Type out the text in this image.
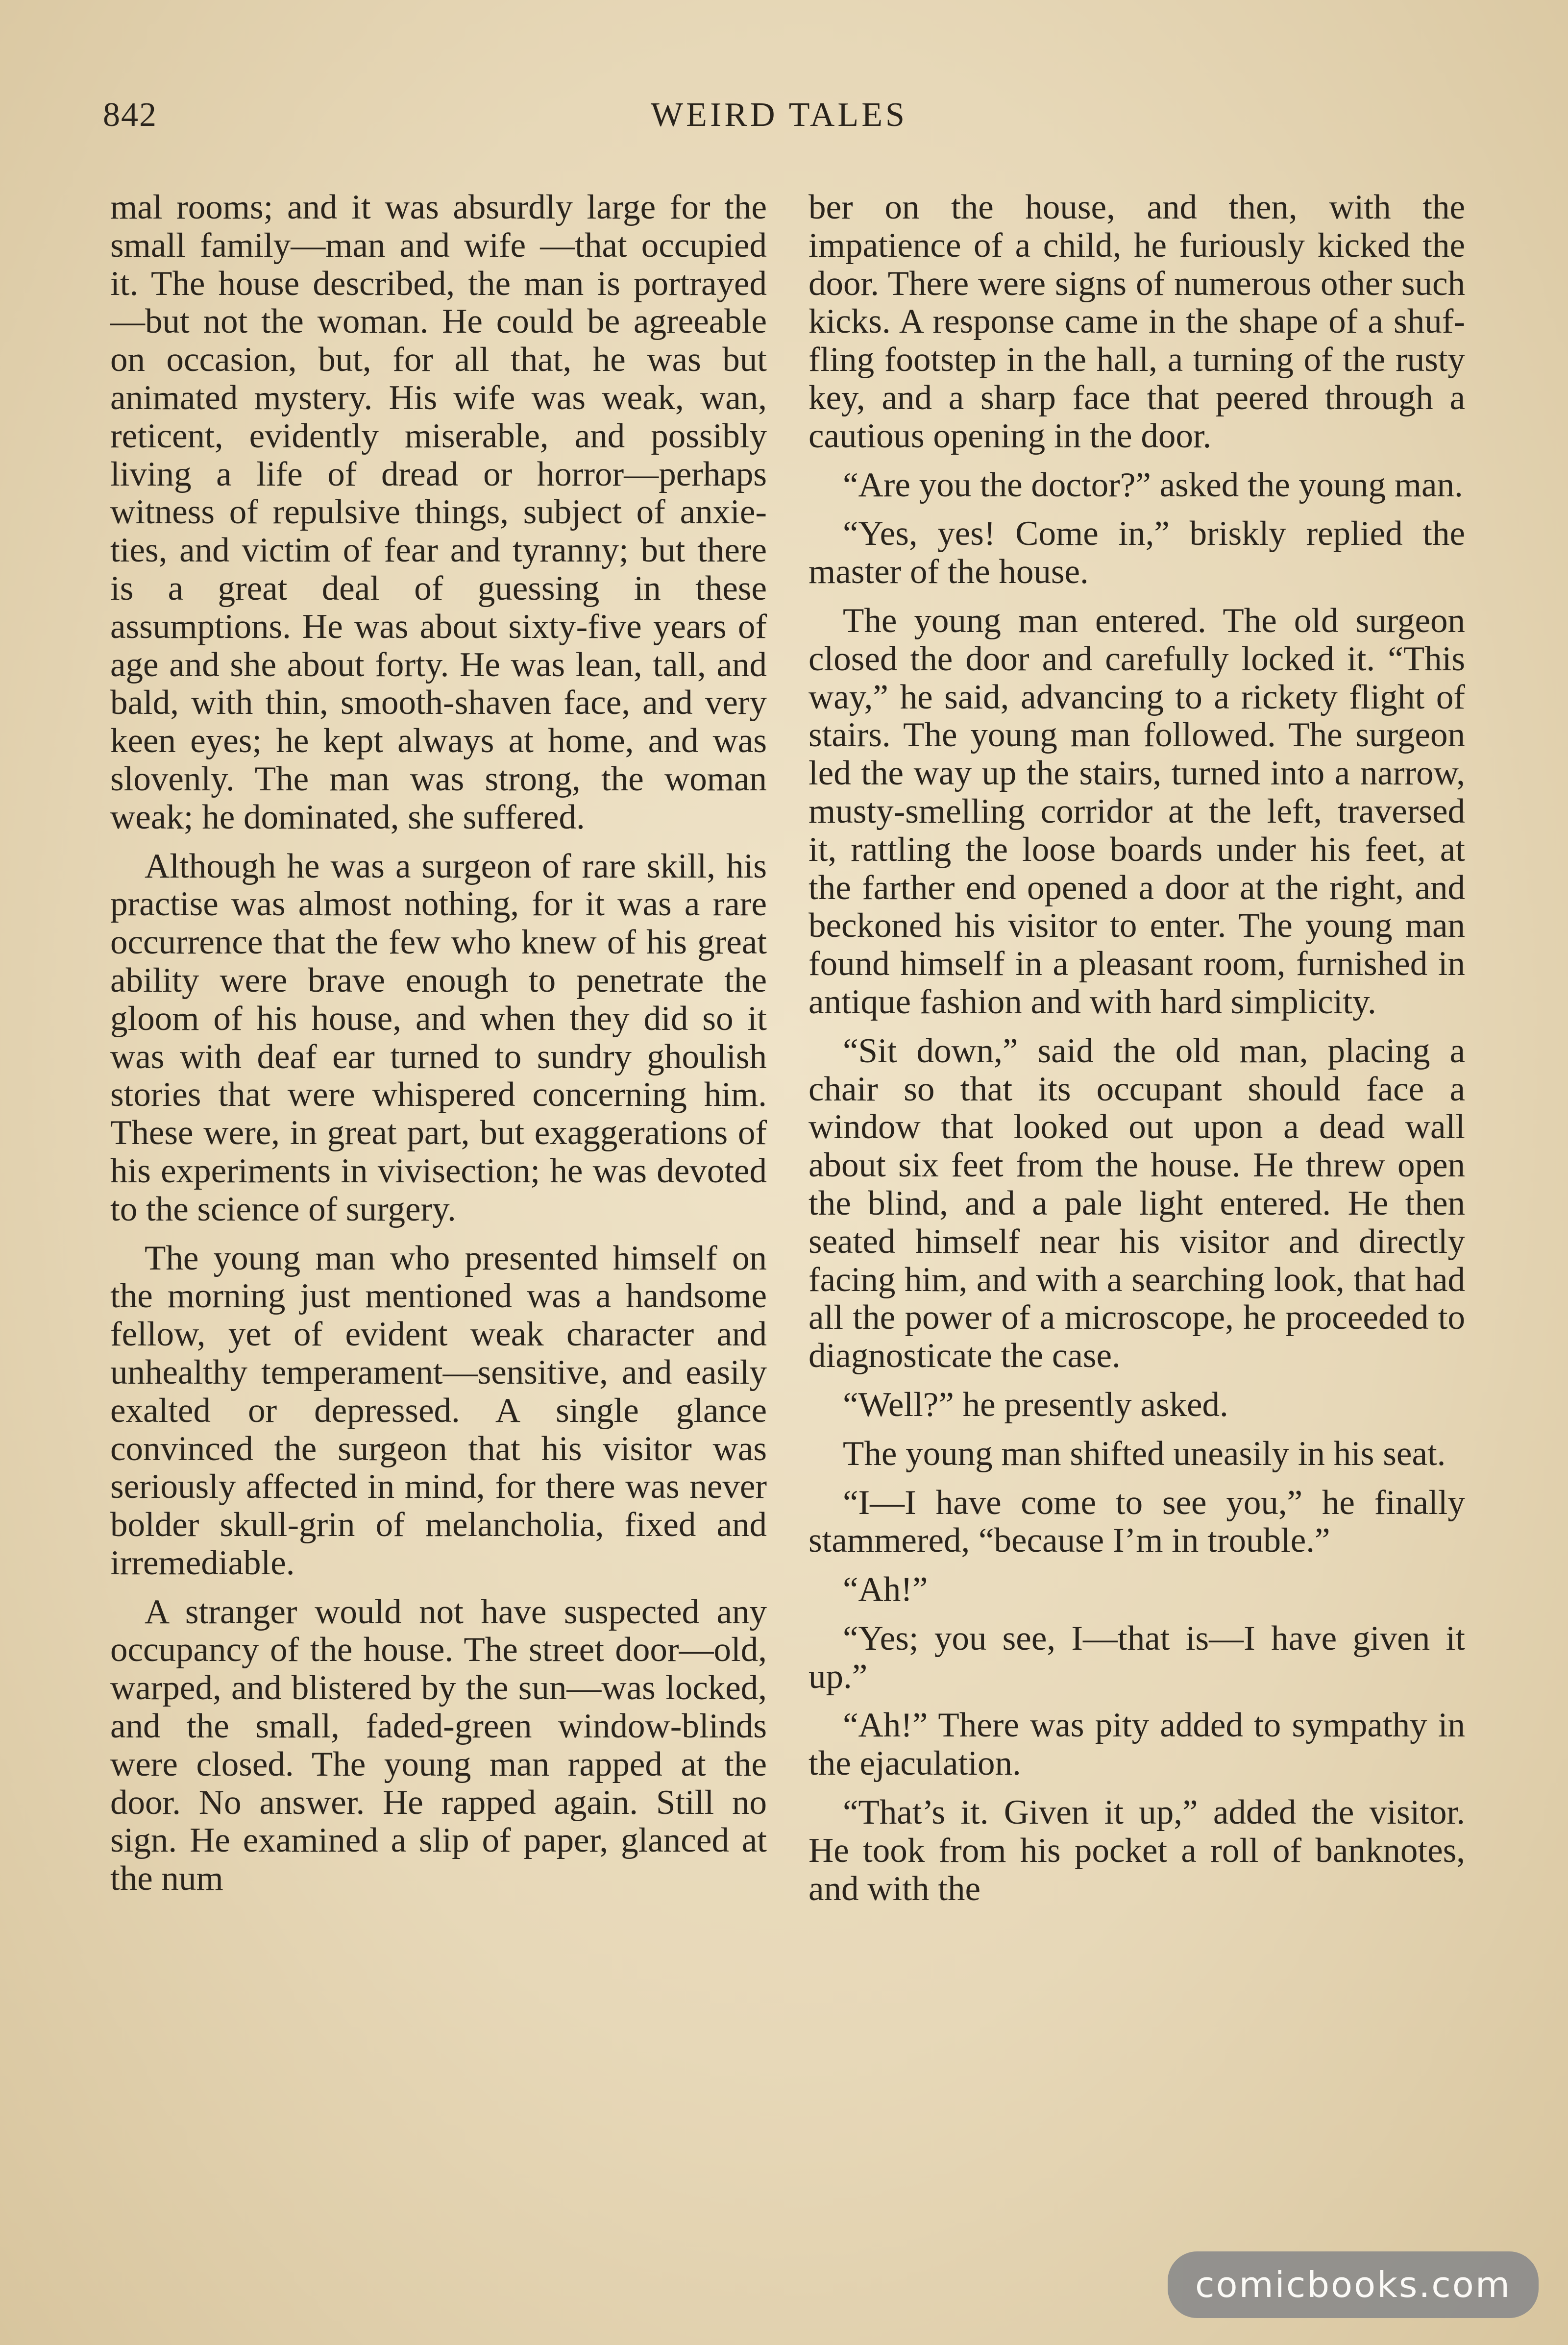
842	WEIRD TALES

mal rooms; and it was absurdly large for the small family—man and wife —that occupied it. The house described, the man is portrayed—but not the woman. He could be agreeable on occasion, but, for all that, he was but animated mystery. His wife was weak, wan, reticent, evidently miserable, and possibly living a life of dread or horror—perhaps witness of repulsive things, subject of anxieties, and victim of fear and tyranny; but there is a great deal of guessing in these assumptions. He was about sixty-five years of age and she about forty. He was lean, tall, and bald, with thin, smooth-shaven face, and very keen eyes; he kept always at home, and was slovenly. The man was strong, the woman weak; he dominated, she suffered.

Although he was a surgeon of rare skill, his practise was almost nothing, for it was a rare occurrence that the few who knew of his great ability were brave enough to penetrate the gloom of his house, and when they did so it was with deaf ear turned to sundry ghoulish stories that were whispered concerning him. These were, in great part, but exaggerations of his experiments in vivisection; he was devoted to the science of surgery.

The young man who presented himself on the morning just mentioned was a handsome fellow, yet of evident weak character and unhealthy temperament—sensitive, and easily exalted or depressed. A single glance convinced the surgeon that his visitor was seriously affected in mind, for there was never bolder skull-grin of melancholia, fixed and irremediable.

A stranger would not have suspected any occupancy of the house. The street door—old, warped, and blistered by the sun—was locked, and the small, faded-green window-blinds were closed. The young man rapped at the door. No answer. He rapped again. Still no sign. He examined a slip of paper, glanced at the num

ber on the house, and then, with the impatience of a child, he furiously kicked the door. There were signs of numerous other such kicks. A response came in the shape of a shuffling footstep in the hall, a turning of the rusty key, and a sharp face that peered through a cautious opening in the door.

“Are you the doctor?” asked the young man.

“Yes, yes! Come in,” briskly replied the master of the house.

The young man entered. The old surgeon closed the door and carefully locked it. “This way,” he said, advancing to a rickety flight of stairs. The young man followed. The surgeon led the way up the stairs, turned into a narrow, musty-smelling corridor at the left, traversed it, rattling the loose boards under his feet, at the farther end opened a door at the right, and beckoned his visitor to enter. The young man found himself in a pleasant room, furnished in antique fashion and with hard simplicity.

“Sit down,” said the old man, placing a chair so that its occupant should face a window that looked out upon a dead wall about six feet from the house. He threw open the blind, and a pale light entered. He then seated himself near his visitor and directly facing him, and with a searching look, that had all the power of a microscope, he proceeded to diagnosticate the case.

“Well?” he presently asked.

The young man shifted uneasily in his seat.

“I—I have come to see you,” he finally stammered, “because I’m in trouble.”

“Ah!”

“Yes; you see, I—that is—I have given it up.”

“Ah!” There was pity added to sympathy in the ejaculation.

“That’s it. Given it up,” added the visitor. He took from his pocket a roll of banknotes, and with the

comicbooks.com
